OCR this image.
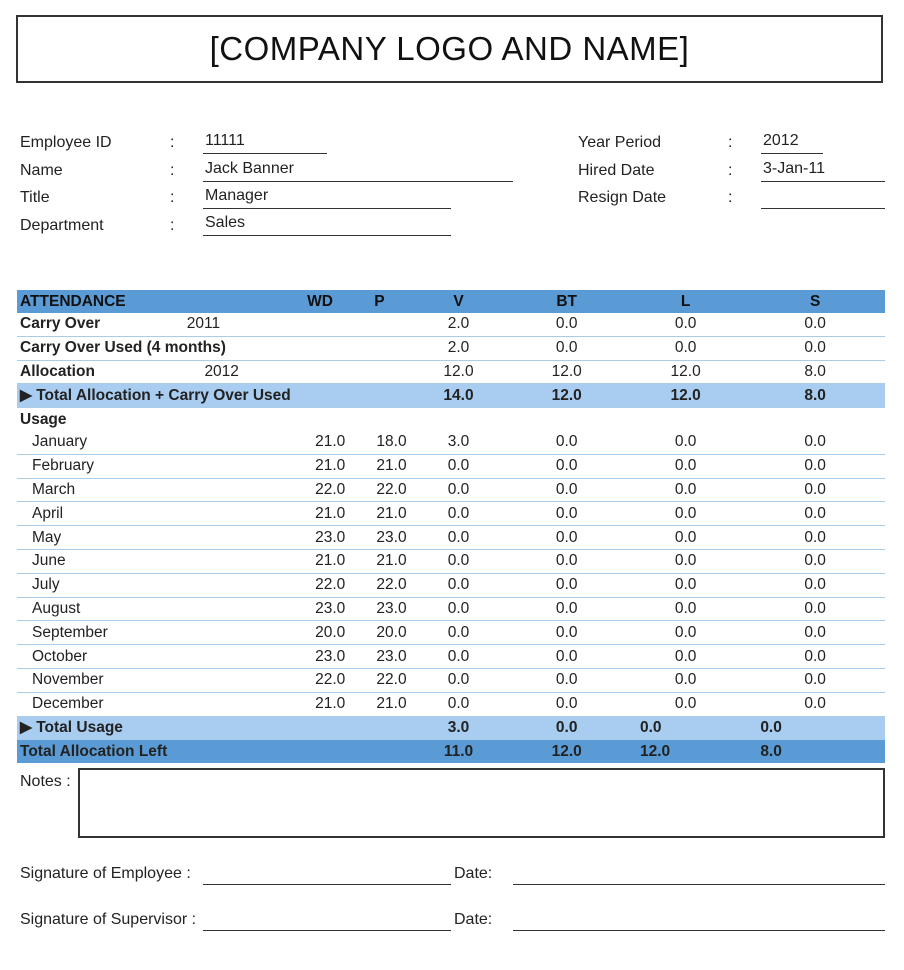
[COMPANY LOGO AND NAME]
Employee ID	: 11111
Name	: Jack Banner
Title	: Manager
Department	: Sales
Year Period	: 2012
Hired Date	: 3-Jan-11
Resign Date	:
ATTENDANCE	WD	P	V	BT	L	S
Carry Over 2011			2.0	0.0	0.0	0.0
Carry Over Used (4 months)			2.0	0.0	0.0	0.0
Allocation 2012			12.0	12.0	12.0	8.0
▶ Total Allocation + Carry Over Used			14.0	12.0	12.0	8.0
Usage						
January	21.0	18.0	3.0	0.0	0.0	0.0
February	21.0	21.0	0.0	0.0	0.0	0.0
March	22.0	22.0	0.0	0.0	0.0	0.0
April	21.0	21.0	0.0	0.0	0.0	0.0
May	23.0	23.0	0.0	0.0	0.0	0.0
June	21.0	21.0	0.0	0.0	0.0	0.0
July	22.0	22.0	0.0	0.0	0.0	0.0
August	23.0	23.0	0.0	0.0	0.0	0.0
September	20.0	20.0	0.0	0.0	0.0	0.0
October	23.0	23.0	0.0	0.0	0.0	0.0
November	22.0	22.0	0.0	0.0	0.0	0.0
December	21.0	21.0	0.0	0.0	0.0	0.0
▶ Total Usage			3.0	0.0	0.0	0.0
Total Allocation Left			11.0	12.0	12.0	8.0
Notes :
Signature of Employee :	Date:
Signature of Supervisor :	Date:
